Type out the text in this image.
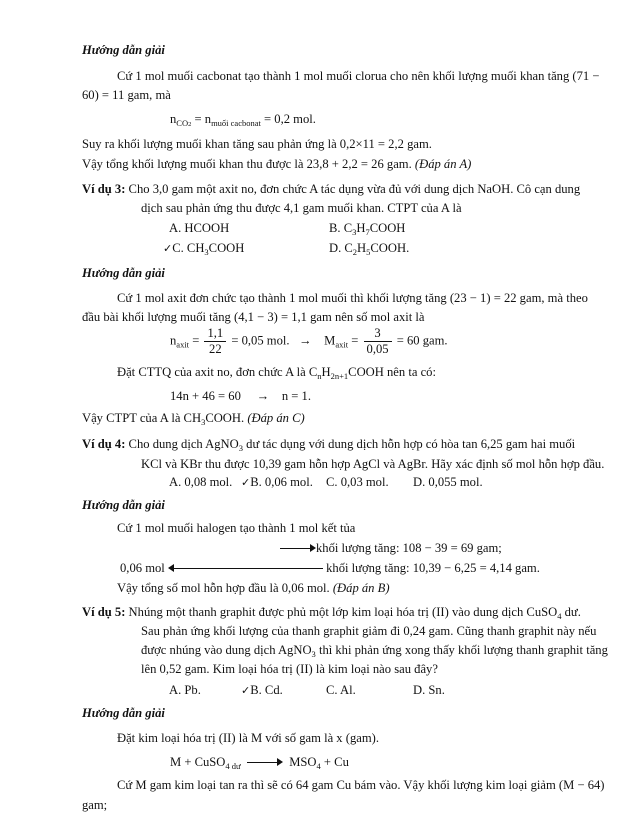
Hướng dẫn giải
Cứ 1 mol muối cacbonat tạo thành 1 mol muối clorua cho nên khối lượng muối khan tăng (71 −
60) = 11 gam, mà
$n_{CO2} = n_{muối cacbonat} = 0,2$ mol.
Suy ra khối lượng muối khan tăng sau phản ứng là 0,2×11 = 2,2 gam.
Vậy tổng khối lượng muối khan thu được là 23,8 + 2,2 = 26 gam. (Đáp án A)
Ví dụ 3: Cho 3,0 gam một axit no, đơn chức A tác dụng vừa đủ với dung dịch NaOH. Cô cạn dung
dịch sau phản ứng thu được 4,1 gam muối khan. CTPT của A là
A. HCOOH	B. $C_3H_7COOH$
✓C. $CH_3COOH$	D. $C_2H_5COOH$.
Hướng dẫn giải
Cứ 1 mol axit đơn chức tạo thành 1 mol muối thì khối lượng tăng (23 − 1) = 22 gam, mà theo
đầu bài khối lượng muối tăng (4,1 − 3) = 1,1 gam nên số mol axit là
$n_{axit} = \frac{1,1}{22} = 0,05$ mol. → $M_{axit} = \frac{3}{0,05} = 60$ gam.
Đặt CTTQ của axit no, đơn chức A là $C_nH_{2n+1}COOH$ nên ta có:
14n + 46 = 60 → n = 1.
Vậy CTPT của A là $CH_3COOH$. (Đáp án C)
Ví dụ 4: Cho dung dịch AgNO$_3$ dư tác dụng với dung dịch hỗn hợp có hòa tan 6,25 gam hai muối
KCl và KBr thu được 10,39 gam hỗn hợp AgCl và AgBr. Hãy xác định số mol hỗn hợp đầu.
A. 0,08 mol. ✓B. 0,06 mol. C. 0,03 mol. D. 0,055 mol.
Hướng dẫn giải
Cứ 1 mol muối halogen tạo thành 1 mol kết tủa
khối lượng tăng: 108 − 39 = 69 gam;
0,06 mol	khối lượng tăng: 10,39 − 6,25 = 4,14 gam.
Vậy tổng số mol hỗn hợp đầu là 0,06 mol. (Đáp án B)
Ví dụ 5: Nhúng một thanh graphit được phủ một lớp kim loại hóa trị (II) vào dung dịch CuSO$_4$ dư.
Sau phản ứng khối lượng của thanh graphit giảm đi 0,24 gam. Cũng thanh graphit này nếu
được nhúng vào dung dịch AgNO$_3$ thì khi phản ứng xong thấy khối lượng thanh graphit tăng
lên 0,52 gam. Kim loại hóa trị (II) là kim loại nào sau đây?
A. Pb.	✓B. Cd.	C. Al.	D. Sn.
Hướng dẫn giải
Đặt kim loại hóa trị (II) là M với số gam là x (gam).
M + CuSO$_{4 dư}$	$MSO_4 + Cu$
Cứ M gam kim loại tan ra thì sẽ có 64 gam Cu bám vào. Vậy khối lượng kim loại giảm (M − 64)
gam;
